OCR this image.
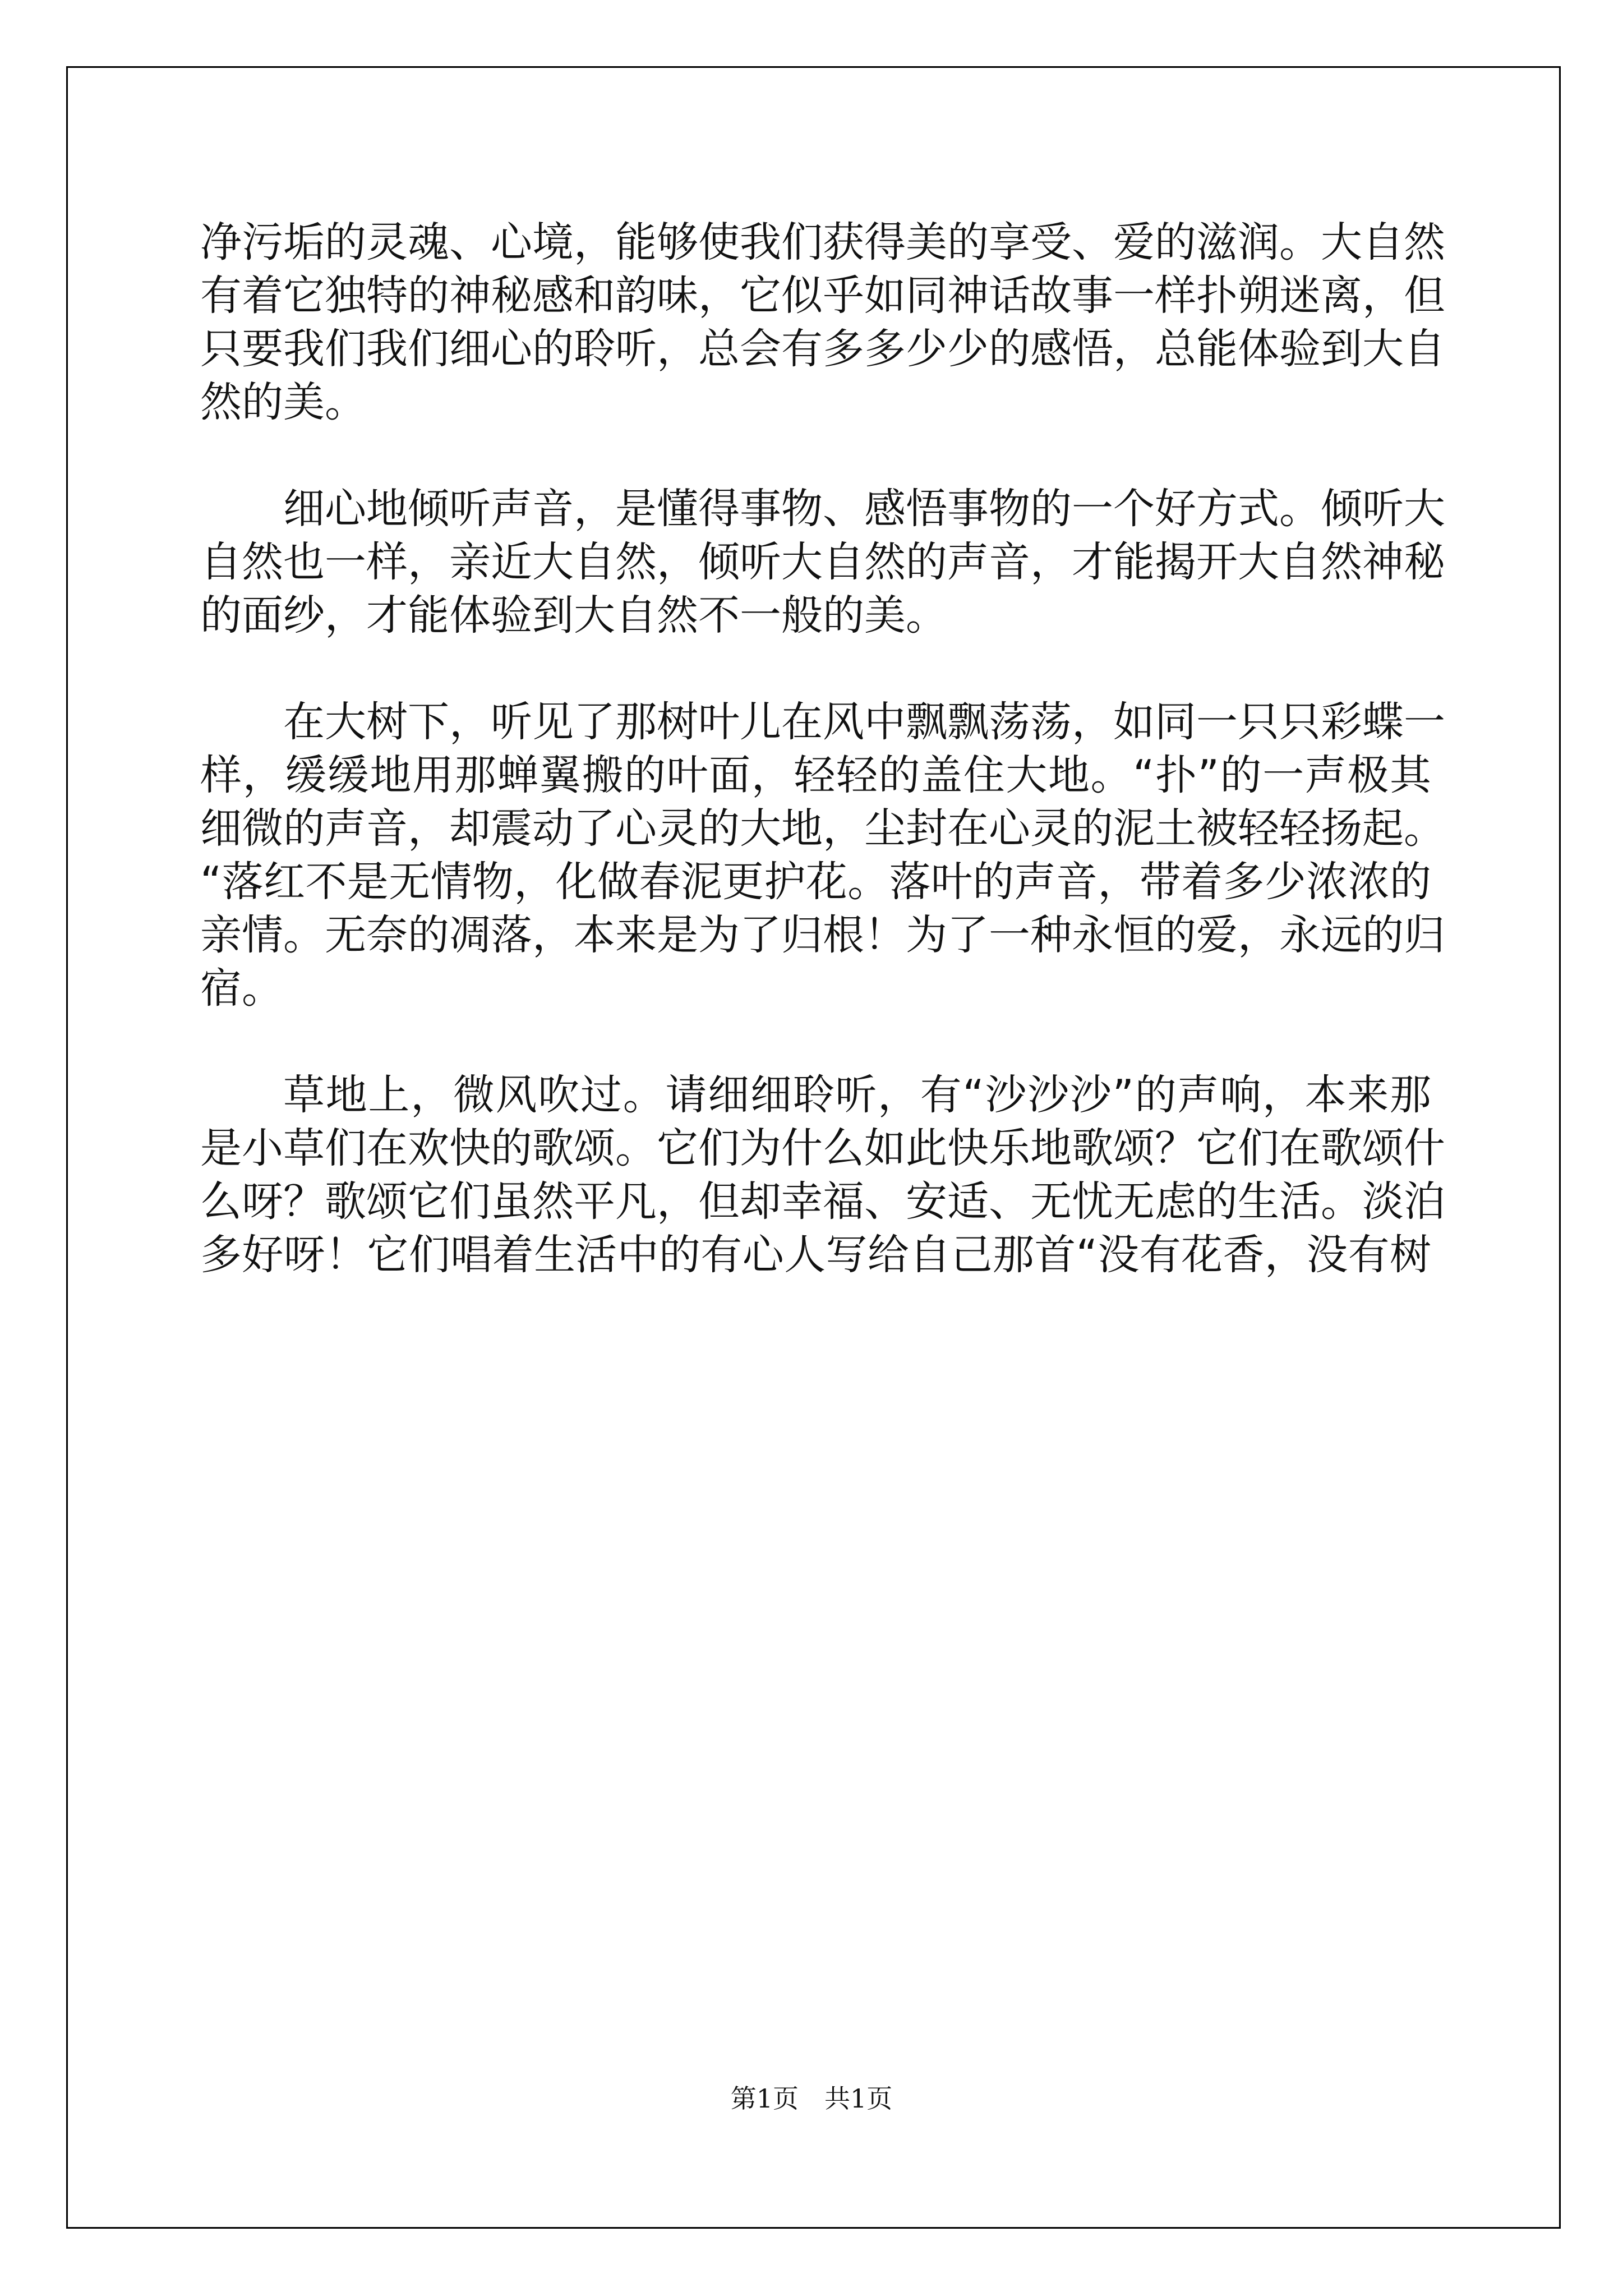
净污垢的灵魂、心境，能够使我们获得美的享受、爱的滋润。大自然

有着它独特的神秘感和韵味，它似乎如同神话故事一样扑朔迷离，但

只要我们我们细心的聆听，总会有多多少少的感悟，总能体验到大自

然的美。

细心地倾听声音，是懂得事物、感悟事物的一个好方式。倾听大

自然也一样，亲近大自然，倾听大自然的声音，才能揭开大自然神秘

的面纱，才能体验到大自然不一般的美。

在大树下，听见了那树叶儿在风中飘飘荡荡，如同一只只彩蝶一

样，缓缓地用那蝉翼搬的叶面，轻轻的盖住大地。“扑”的一声极其

细微的声音，却震动了心灵的大地，尘封在心灵的泥土被轻轻扬起。

“落红不是无情物，化做春泥更护花。落叶的声音，带着多少浓浓的

亲情。无奈的凋落，本来是为了归根！为了一种永恒的爱，永远的归

宿。

草地上，微风吹过。请细细聆听，有“沙沙沙”的声响，本来那

是小草们在欢快的歌颂。它们为什么如此快乐地歌颂？它们在歌颂什

么呀？歌颂它们虽然平凡，但却幸福、安适、无忧无虑的生活。淡泊

多好呀！它们唱着生活中的有心人写给自己那首“没有花香，没有树

第1页　共1页
